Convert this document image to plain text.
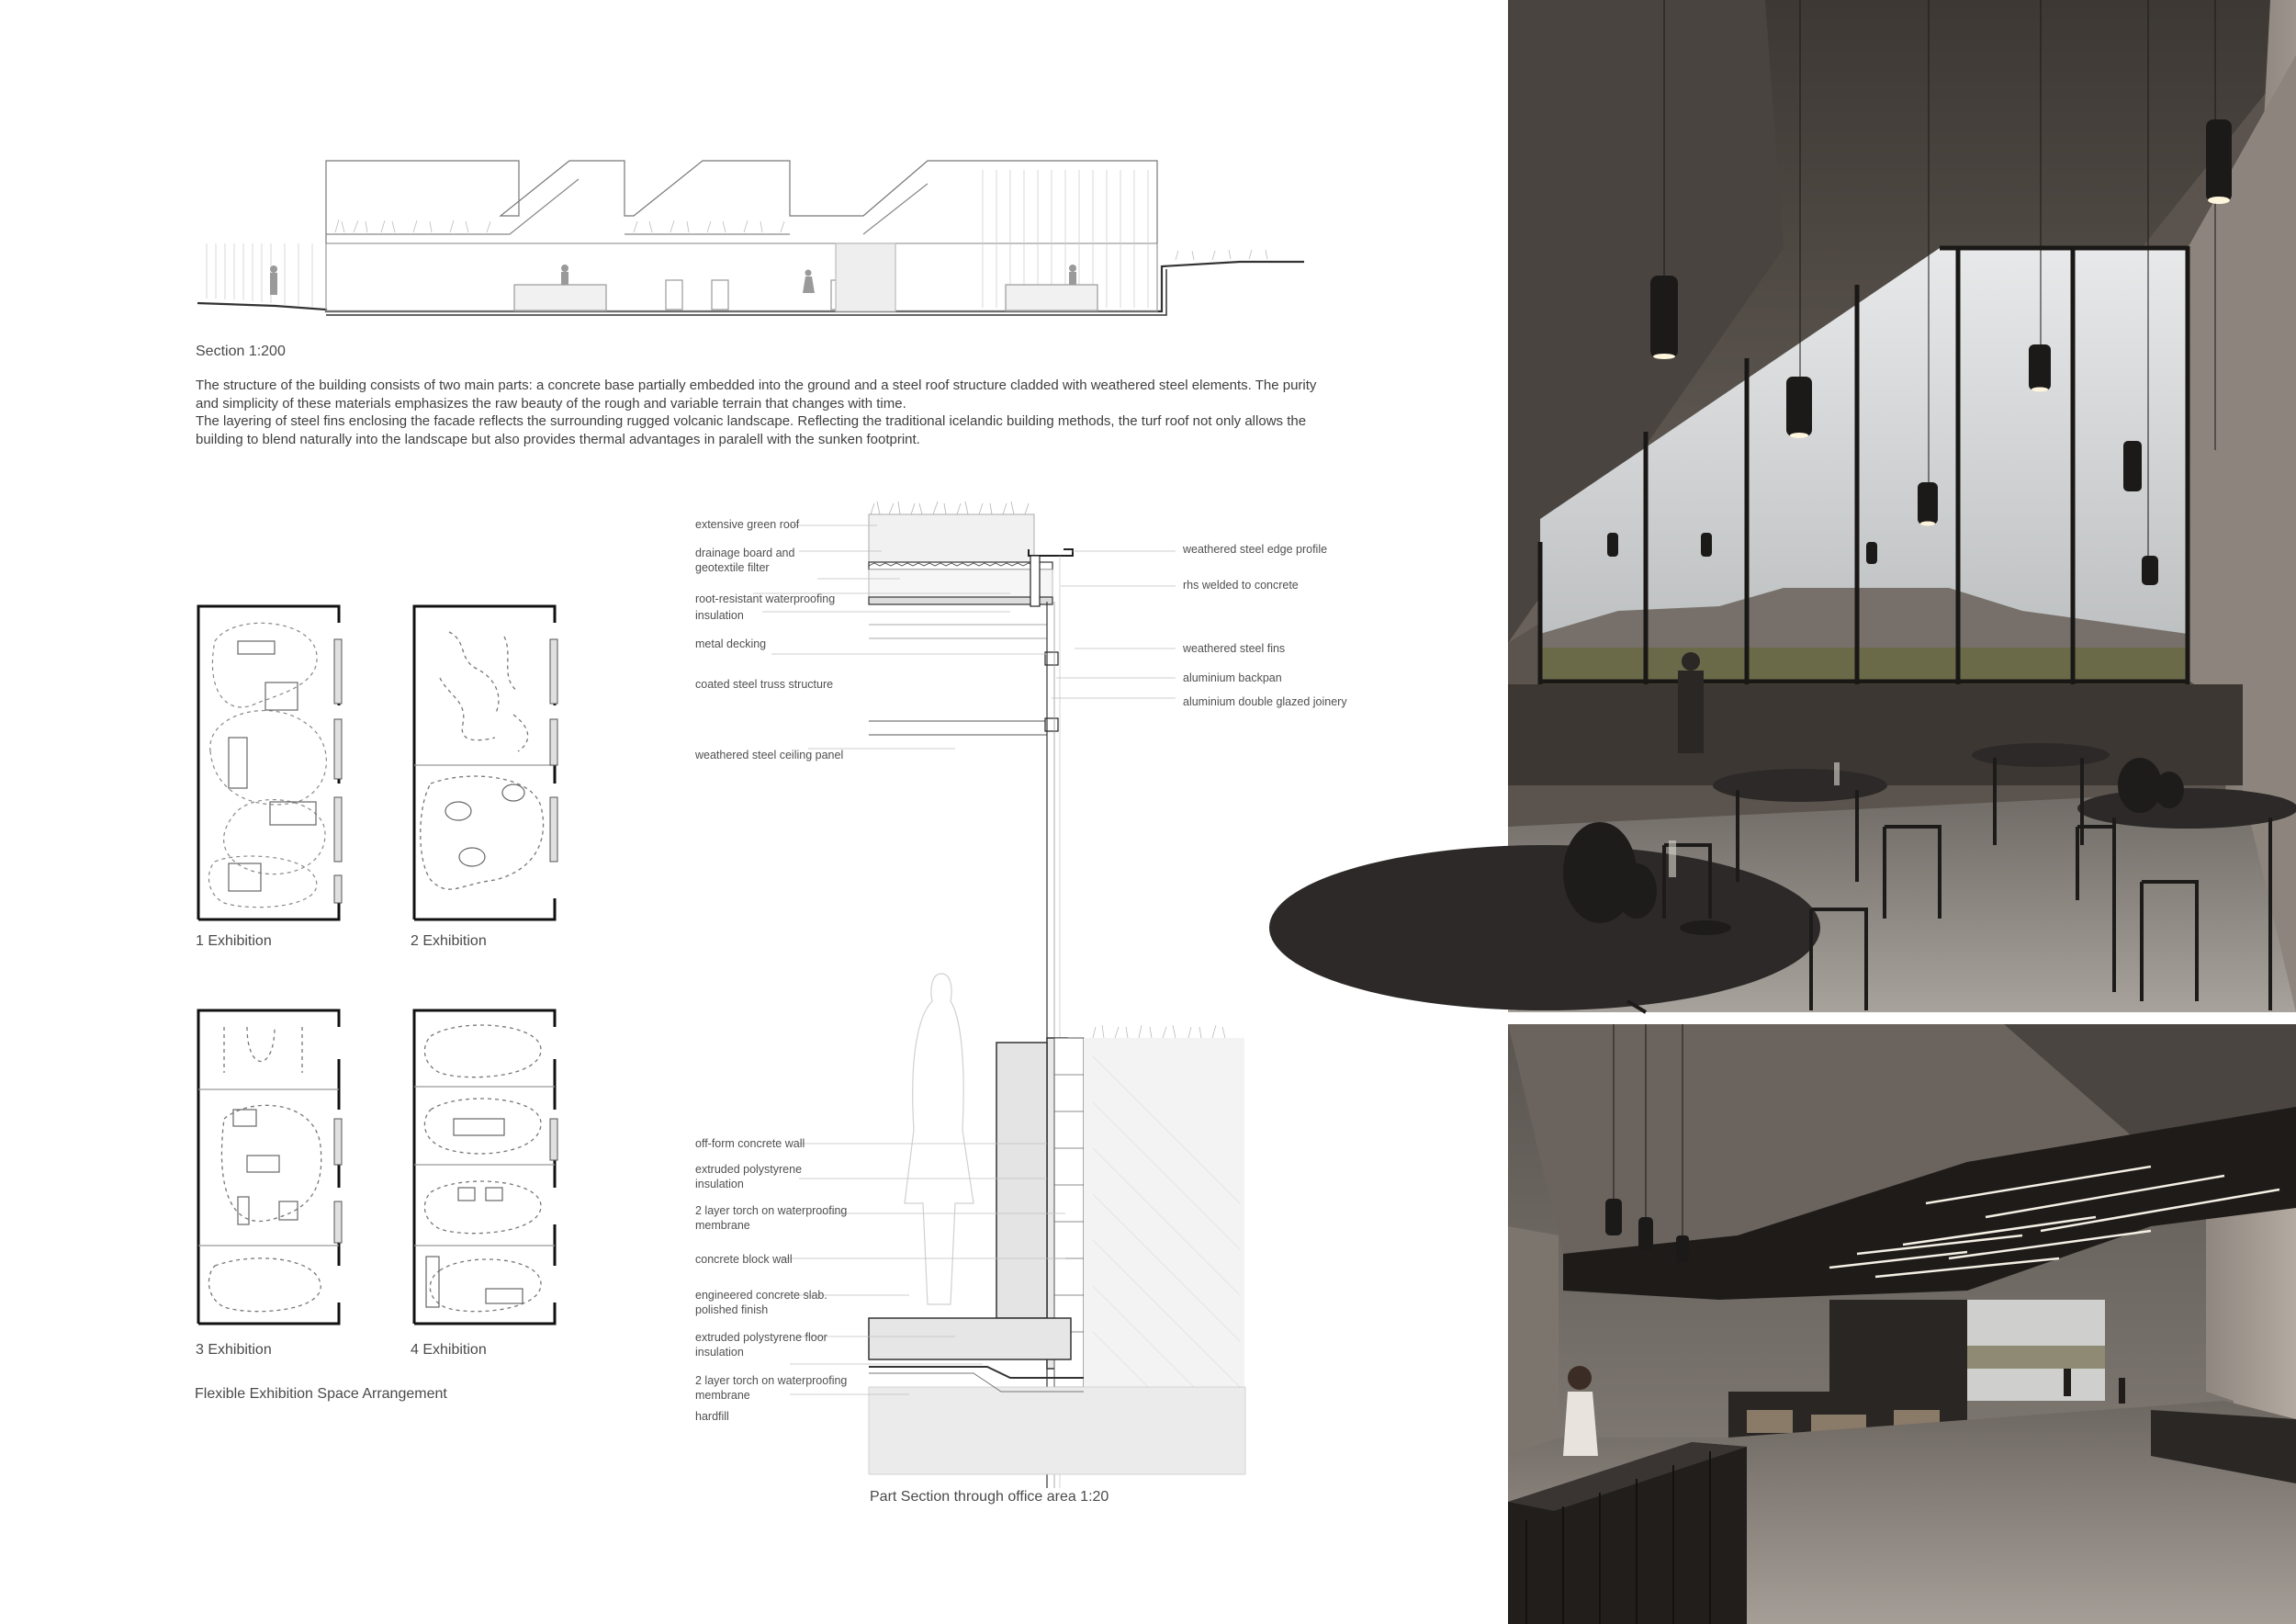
Section 1:200
The structure of the building consists of two main parts: a concrete base partially embedded into the ground and a steel roof structure cladded with weathered steel elements. The purity and simplicity of these materials emphasizes the raw beauty of the rough and variable terrain that changes with time.
The layering of steel fins enclosing the facade reflects the surrounding rugged volcanic landscape. Reflecting the traditional icelandic building methods, the turf roof not only allows the building to blend naturally into the landscape but also provides thermal advantages in paralell with the sunken footprint.
1 Exhibition	2 Exhibition
3 Exhibition	4 Exhibition
Flexible Exhibition Space Arrangement
extensive green roof
drainage board and
geotextile filter
root-resistant waterproofing
insulation
metal decking
coated steel truss structure
weathered steel ceiling panel
off-form concrete wall
extruded polystyrene
insulation
2 layer torch on waterproofing
membrane
concrete block wall
engineered concrete slab.
polished finish
extruded polystyrene floor
insulation
2 layer torch on waterproofing
membrane
hardfill
weathered steel edge profile
rhs welded to concrete
weathered steel fins
aluminium backpan
aluminium double glazed joinery
Part Section through office area 1:20
